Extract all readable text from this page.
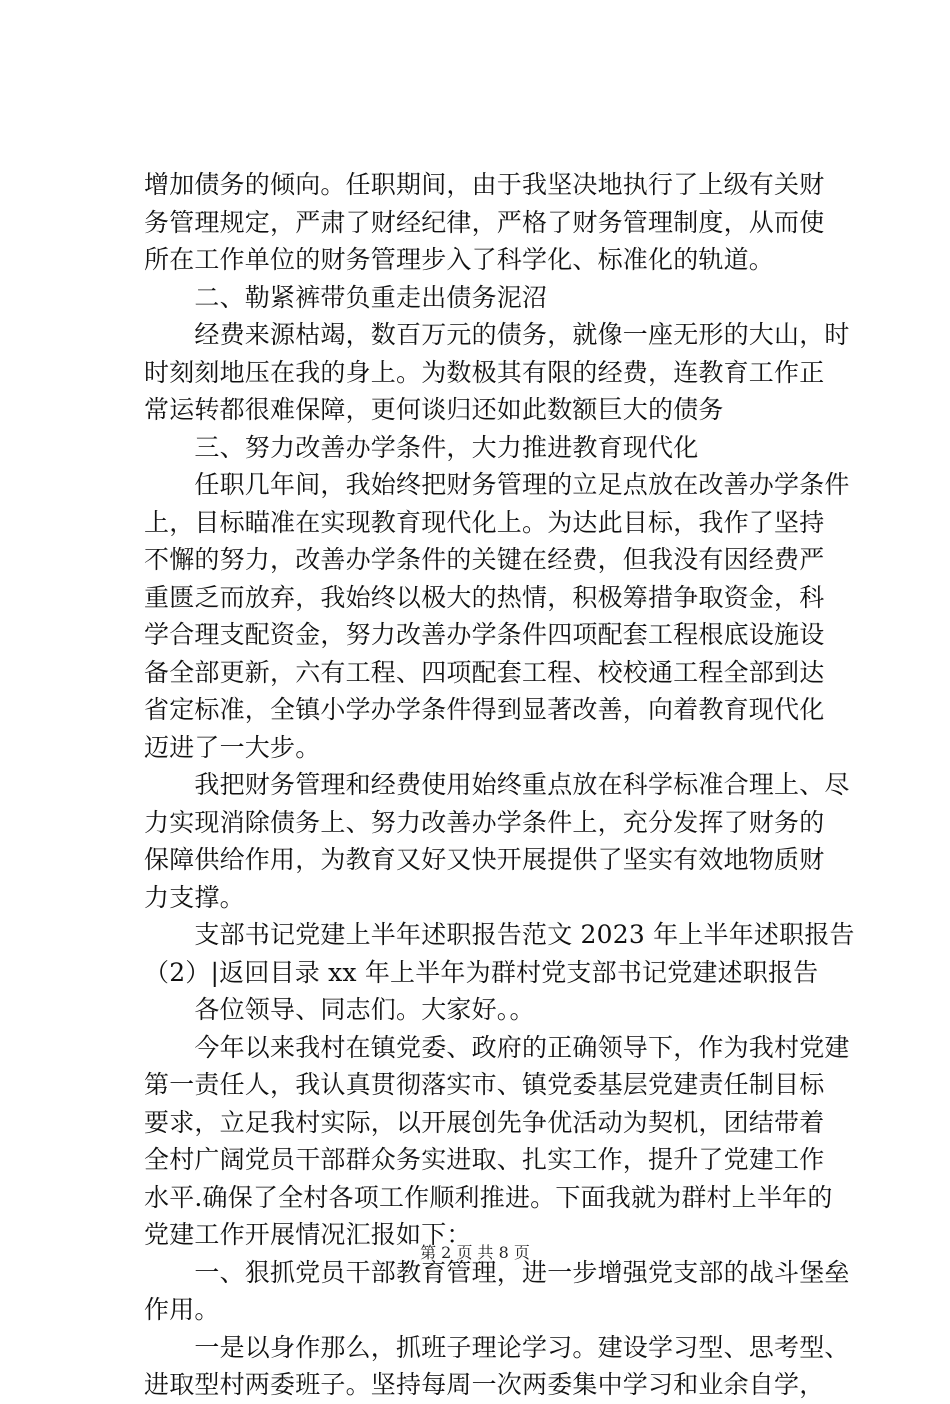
增加债务的倾向。任职期间，由于我坚决地执行了上级有关财
务管理规定，严肃了财经纪律，严格了财务管理制度，从而使
所在工作单位的财务管理步入了科学化、标准化的轨道。
　　二、勒紧裤带负重走出债务泥沼
　　经费来源枯竭，数百万元的债务，就像一座无形的大山，时
时刻刻地压在我的身上。为数极其有限的经费，连教育工作正
常运转都很难保障，更何谈归还如此数额巨大的债务
　　三、努力改善办学条件，大力推进教育现代化
　　任职几年间，我始终把财务管理的立足点放在改善办学条件
上，目标瞄准在实现教育现代化上。为达此目标，我作了坚持
不懈的努力，改善办学条件的关键在经费，但我没有因经费严
重匮乏而放弃，我始终以极大的热情，积极筹措争取资金，科
学合理支配资金，努力改善办学条件四项配套工程根底设施设
备全部更新，六有工程、四项配套工程、校校通工程全部到达
省定标准，全镇小学办学条件得到显著改善，向着教育现代化
迈进了一大步。
　　我把财务管理和经费使用始终重点放在科学标准合理上、尽
力实现消除债务上、努力改善办学条件上，充分发挥了财务的
保障供给作用，为教育又好又快开展提供了坚实有效地物质财
力支撑。
　　支部书记党建上半年述职报告范文 2023 年上半年述职报告
（2）|返回目录 xx 年上半年为群村党支部书记党建述职报告
　　各位领导、同志们。大家好。。
　　今年以来我村在镇党委、政府的正确领导下，作为我村党建
第一责任人，我认真贯彻落实市、镇党委基层党建责任制目标
要求，立足我村实际，以开展创先争优活动为契机，团结带着
全村广阔党员干部群众务实进取、扎实工作，提升了党建工作
水平.确保了全村各项工作顺利推进。下面我就为群村上半年的
党建工作开展情况汇报如下：
　　一、狠抓党员干部教育管理，进一步增强党支部的战斗堡垒
作用。
　　一是以身作那么，抓班子理论学习。建设学习型、思考型、
进取型村两委班子。坚持每周一次两委集中学习和业余自学，
第 2 页 共 8 页
